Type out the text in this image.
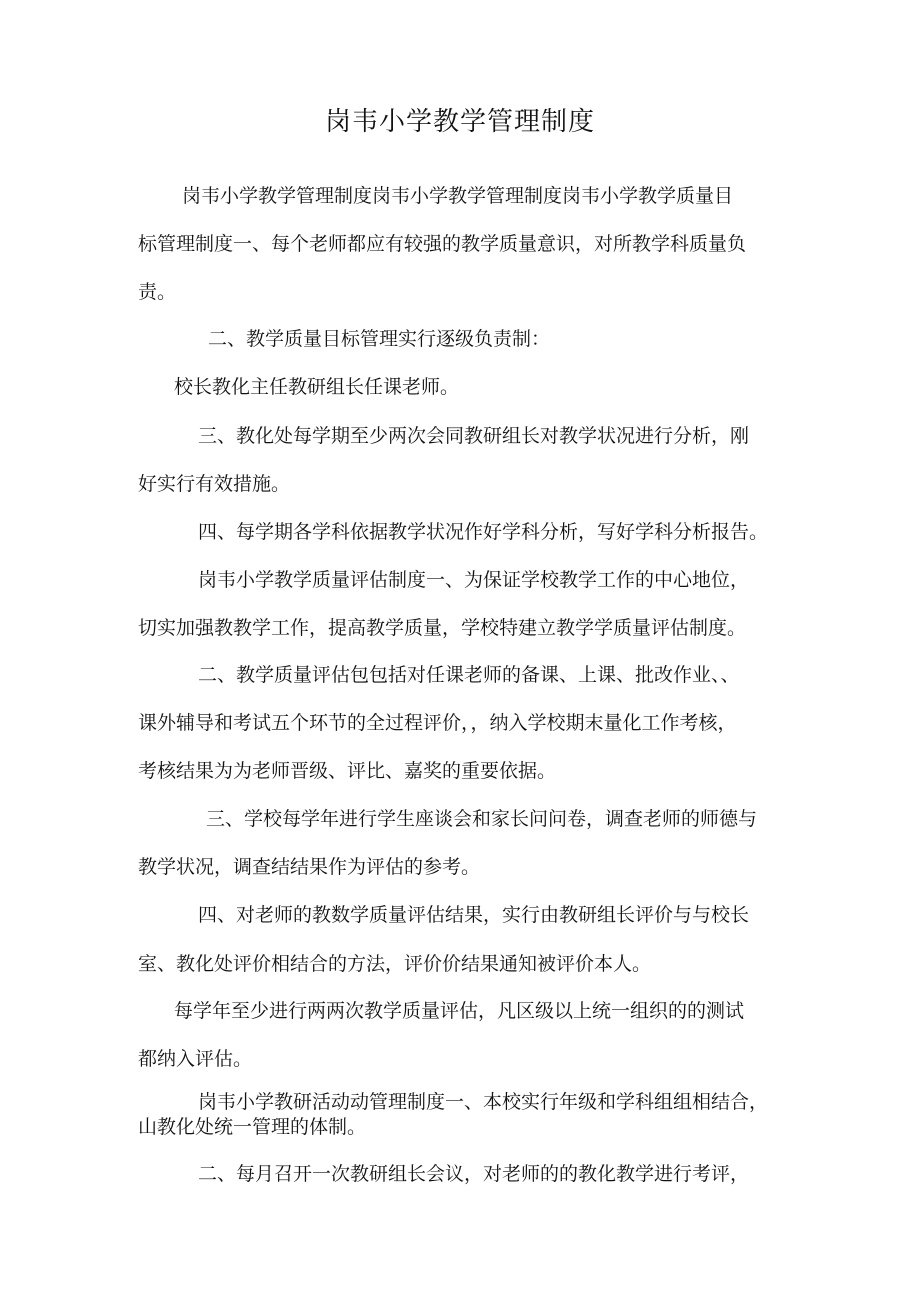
岗韦小学教学管理制度

岗韦小学教学管理制度岗韦小学教学管理制度岗韦小学教学质量目

标管理制度一、每个老师都应有较强的教学质量意识，对所教学科质量负

责。

二、教学质量目标管理实行逐级负责制：

校长教化主任教研组长任课老师。

三、教化处每学期至少两次会同教研组长对教学状况进行分析，刚

好实行有效措施。

四、每学期各学科依据教学状况作好学科分析，写好学科分析报告。

岗韦小学教学质量评估制度一、为保证学校教学工作的中心地位，

切实加强教教学工作，提高教学质量，学校特建立教学学质量评估制度。

二、教学质量评估包包括对任课老师的备课、上课、批改作业、、

课外辅导和考试五个环节的全过程评价，，纳入学校期末量化工作考核，

考核结果为为老师晋级、评比、嘉奖的重要依据。

三、学校每学年进行学生座谈会和家长问问卷，调查老师的师德与

教学状况，调查结结果作为评估的参考。

四、对老师的教数学质量评估结果，实行由教研组长评价与与校长

室、教化处评价相结合的方法，评价价结果通知被评价本人。

每学年至少进行两两次教学质量评估，凡区级以上统一组织的的测试

都纳入评估。

岗韦小学教研活动动管理制度一、本校实行年级和学科组组相结合，

山教化处统一管理的体制。

二、每月召开一次教研组长会议，对老师的的教化教学进行考评，
